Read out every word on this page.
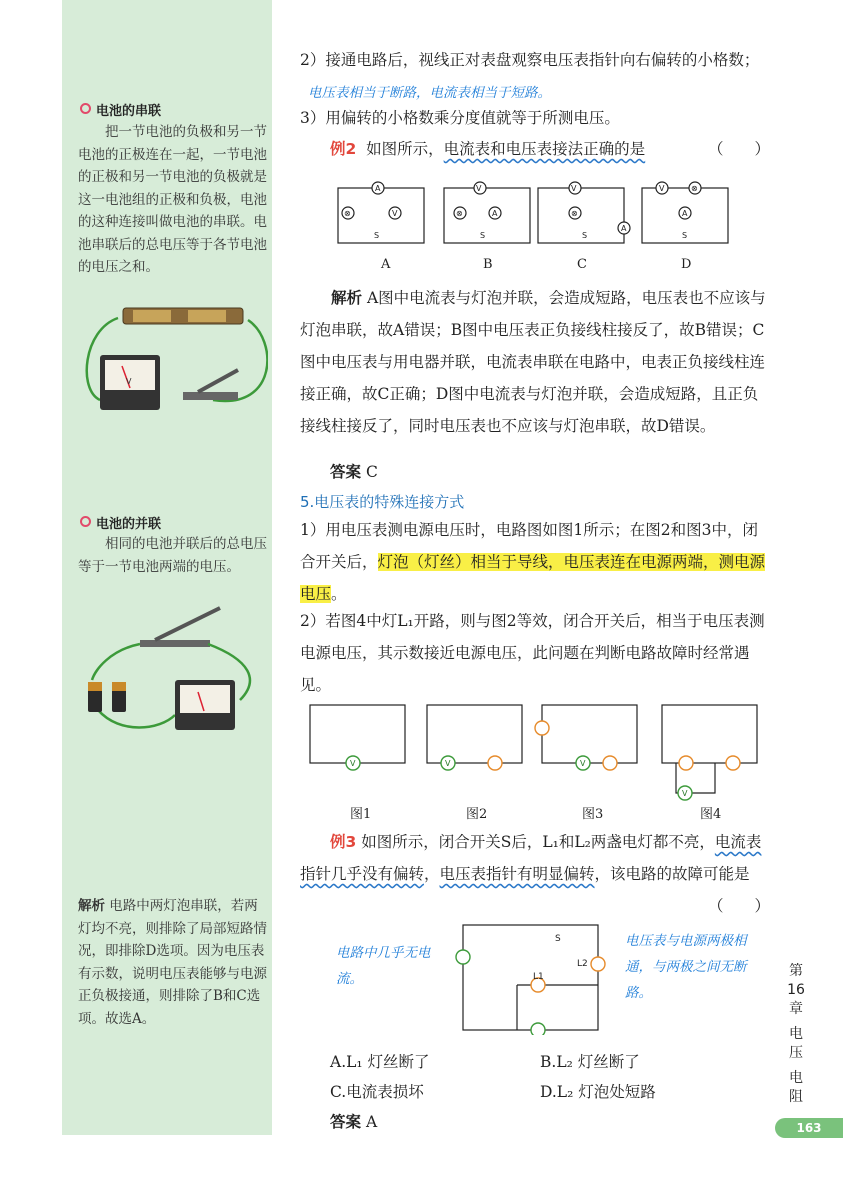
电池的串联
把一节电池的负极和另一节电池的正极连在一起，一节电池的正极和另一节电池的负极就是这一电池组的正极和负极，电池的这种连接叫做电池的串联。电池串联后的总电压等于各节电池的电压之和。
V
电池的并联
相同的电池并联后的总电压等于一节电池两端的电压。
解析 电路中两灯泡串联，若两灯均不亮，则排除了局部短路情况，即排除D选项。因为电压表有示数，说明电压表能够与电源正负极接通，则排除了B和C选项。故选A。
2）接通电路后，视线正对表盘观察电压表指针向右偏转的小格数；电压表相当于断路，电流表相当于短路。
3）用偏转的小格数乘分度值就等于所测电压。
例2 如图所示，电流表和电压表接法正确的是	（　　）
A
⊗	V
S
V
⊗	A
S
V
⊗
A
S
V	⊗
A
S
A	B	C	D
解析 A图中电流表与灯泡并联，会造成短路，电压表也不应该与灯泡串联，故A错误；B图中电压表正负接线柱接反了，故B错误；C图中电压表与用电器并联，电流表串联在电路中，电表正负接线柱连接正确，故C正确；D图中电流表与灯泡并联，会造成短路，且正负接线柱接反了，同时电压表也不应该与灯泡串联，故D错误。
答案 C
5.电压表的特殊连接方式
1）用电压表测电源电压时，电路图如图1所示；在图2和图3中，闭合开关后，灯泡（灯丝）相当于导线，电压表连在电源两端，测电源电压。
2）若图4中灯L₁开路，则与图2等效，闭合开关后，相当于电压表测电源电压，其示数接近电源电压，此问题在判断电路故障时经常遇见。
V	V	V
V
图1	图2	图3	图4
例3 如图所示，闭合开关S后，L₁和L₂两盏电灯都不亮，电流表指针几乎没有偏转，电压表指针有明显偏转，该电路的故障可能是
（　　）
电路中几乎无电流。
电压表与电源两极相通，与两极之间无断路。
S
L1
L2
A.L₁ 灯丝断了	B.L₂ 灯丝断了
C.电流表损坏	D.L₂ 灯泡处短路
答案 A
第
16
章
电
压
电
阻
163
